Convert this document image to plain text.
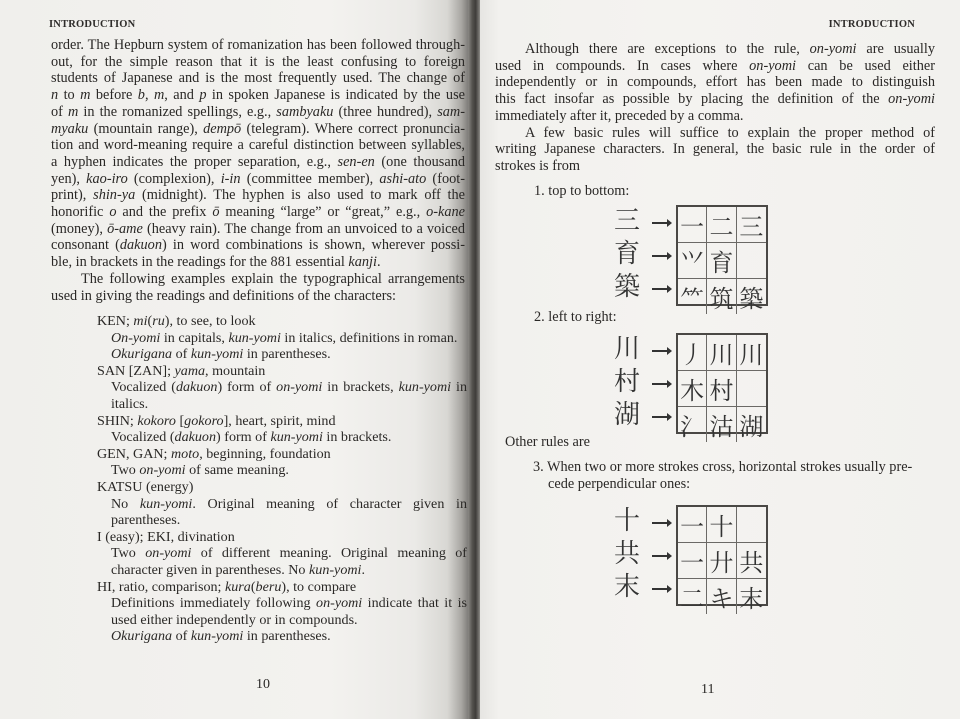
INTRODUCTION

order. The Hepburn system of romanization has been followed through-

out, for the simple reason that it is the least confusing to foreign

students of Japanese and is the most frequently used. The change of

n to m before b, m, and p in spoken Japanese is indicated by the use

of m in the romanized spellings, e.g., sambyaku (three hundred), sam-

myaku (mountain range), dempō (telegram). Where correct pronuncia-

tion and word-meaning require a careful distinction between syllables,

a hyphen indicates the proper separation, e.g., sen-en (one thousand

yen), kao-iro (complexion), i-in (committee member), ashi-ato (foot-

print), shin-ya (midnight). The hyphen is also used to mark off the

honorific o and the prefix ō meaning “large” or “great,” e.g., o-kane

(money), ō-ame (heavy rain). The change from an unvoiced to a voiced

consonant (dakuon) in word combinations is shown, wherever possi-

ble, in brackets in the readings for the 881 essential kanji.

The following examples explain the typographical arrangements

used in giving the readings and definitions of the characters:

KEN; mi(ru), to see, to look

On-yomi in capitals, kun-yomi in italics, definitions in roman.

Okurigana of kun-yomi in parentheses.

SAN [ZAN]; yama, mountain

Vocalized (dakuon) form of on-yomi in brackets, kun-yomi in italics.

SHIN; kokoro [gokoro], heart, spirit, mind

Vocalized (dakuon) form of kun-yomi in brackets.

GEN, GAN; moto, beginning, foundation

Two on-yomi of same meaning.

KATSU (energy)

No kun-yomi. Original meaning of character given in parentheses.

I (easy); EKI, divination

Two on-yomi of different meaning. Original meaning of character given in parentheses. No kun-yomi.

HI, ratio, comparison; kura(beru), to compare

Definitions immediately following on-yomi indicate that it is used either independently or in compounds.

Okurigana of kun-yomi in parentheses.

10
INTRODUCTION

Although there are exceptions to the rule, on-yomi are usually

used in compounds. In cases where on-yomi can be used either

independently or in compounds, effort has been made to distinguish

this fact insofar as possible by placing the definition of the on-yomi

immediately after it, preceded by a comma.

A few basic rules will suffice to explain the proper method of

writing Japanese characters. In general, the basic rule in the order of

strokes is from

1. top to bottom:
三
育
築
一 二 三
⺍ 育
⺮ 筑 築
2. left to right:
川
村
湖
丿 川 川
木 村
氵 沽 湖
Other rules are
3. When two or more strokes cross, horizontal strokes usually pre-
cede perpendicular ones:
十
共
末
一 十
一 廾 共
二 キ 末
11
